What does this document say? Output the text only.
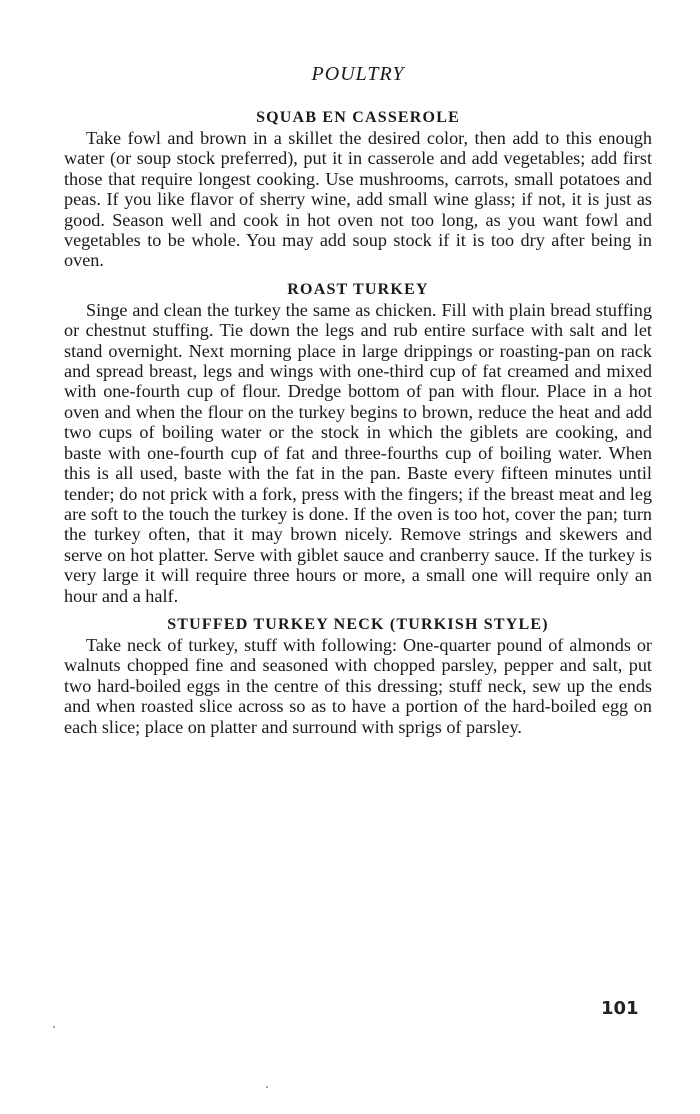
POULTRY
SQUAB EN CASSEROLE

Take fowl and brown in a skillet the desired color, then add to this enough water (or soup stock preferred), put it in casserole and add vegetables; add first those that require longest cooking. Use mushrooms, carrots, small potatoes and peas. If you like flavor of sherry wine, add small wine glass; if not, it is just as good. Season well and cook in hot oven not too long, as you want fowl and vegetables to be whole. You may add soup stock if it is too dry after being in oven.

ROAST TURKEY

Singe and clean the turkey the same as chicken. Fill with plain bread stuffing or chestnut stuffing. Tie down the legs and rub entire surface with salt and let stand overnight. Next morning place in large drippings or roasting-pan on rack and spread breast, legs and wings with one-third cup of fat creamed and mixed with one-fourth cup of flour. Dredge bottom of pan with flour. Place in a hot oven and when the flour on the turkey begins to brown, reduce the heat and add two cups of boiling water or the stock in which the giblets are cooking, and baste with one-fourth cup of fat and three-fourths cup of boiling water. When this is all used, baste with the fat in the pan. Baste every fifteen minutes until tender; do not prick with a fork, press with the fingers; if the breast meat and leg are soft to the touch the turkey is done. If the oven is too hot, cover the pan; turn the turkey often, that it may brown nicely. Remove strings and skewers and serve on hot platter. Serve with giblet sauce and cranberry sauce. If the turkey is very large it will require three hours or more, a small one will require only an hour and a half.

STUFFED TURKEY NECK (TURKISH STYLE)

Take neck of turkey, stuff with following: One-quarter pound of almonds or walnuts chopped fine and seasoned with chopped parsley, pepper and salt, put two hard-boiled eggs in the centre of this dressing; stuff neck, sew up the ends and when roasted slice across so as to have a portion of the hard-boiled egg on each slice; place on platter and surround with sprigs of parsley.

101
